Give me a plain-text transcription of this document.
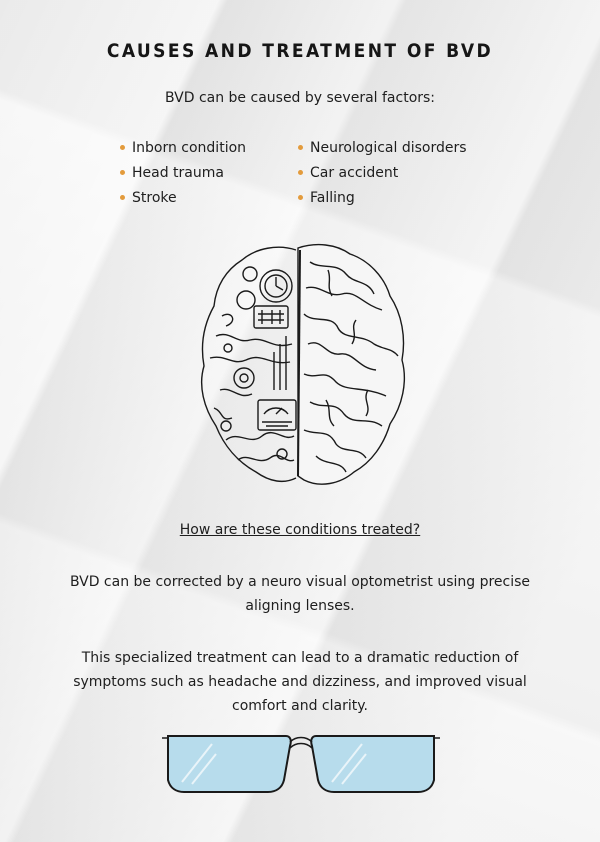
CAUSES AND TREATMENT OF BVD
BVD can be caused by several factors:
Inborn condition	Neurological disorders
Head trauma	Car accident
Stroke	Falling
How are these conditions treated?
BVD can be corrected by a neuro visual optometrist using precise aligning lenses.
This specialized treatment can lead to a dramatic reduction of symptoms such as headache and dizziness, and improved visual comfort and clarity.
